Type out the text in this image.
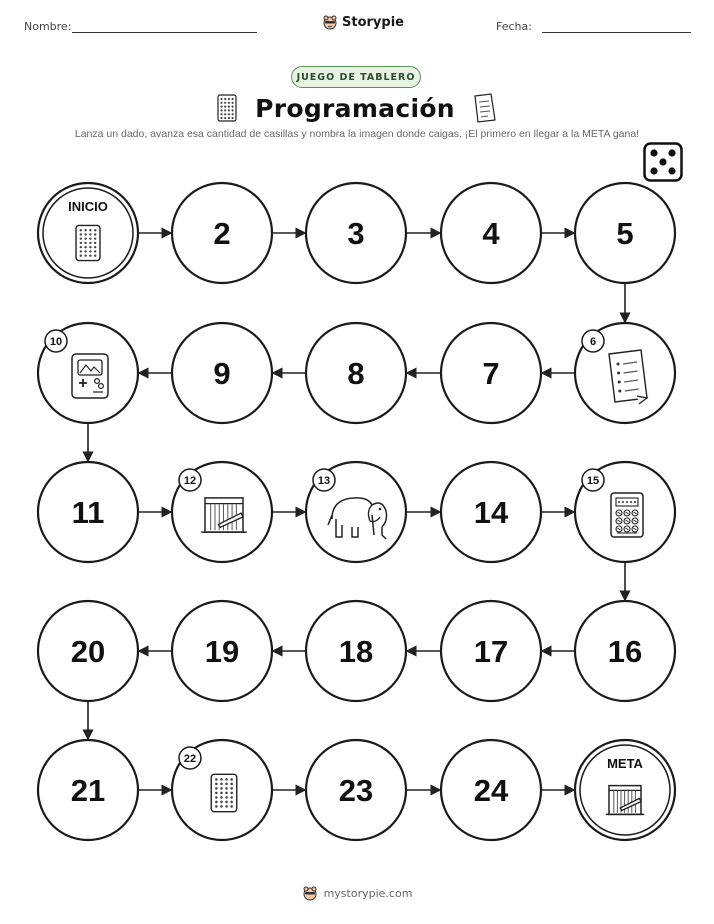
Nombre:	Storypie	Fecha:
JUEGO DE TABLERO
Programación
Lanza un dado, avanza esa cantidad de casillas y nombra la imagen donde caigas. ¡El primero en llegar a la META gana!
INICIO
2	3	4	5
6
7
8
9
10
11
12	13
14
15
16
17
18
19
20
21
22
23	24
META
mystorypie.com
